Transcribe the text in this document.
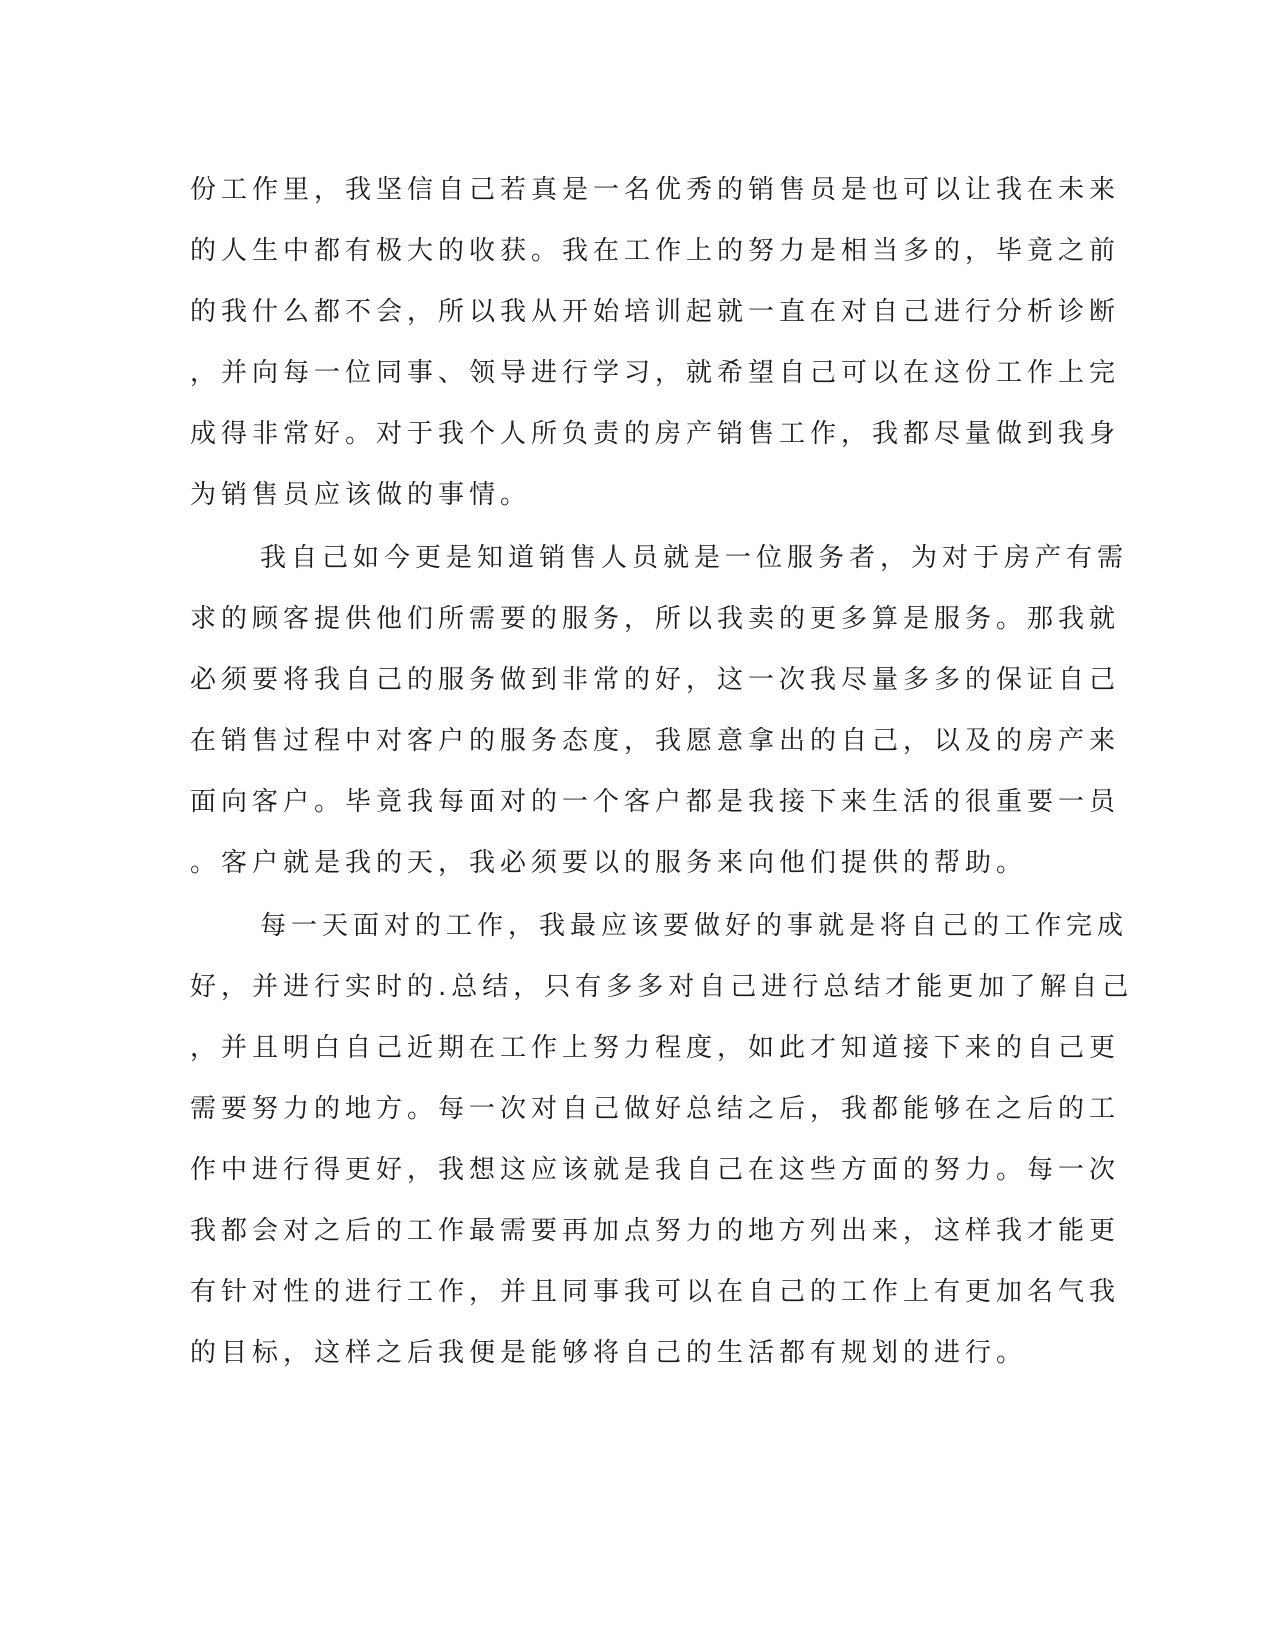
份工作里，我坚信自己若真是一名优秀的销售员是也可以让我在未来
的人生中都有极大的收获。我在工作上的努力是相当多的，毕竟之前
的我什么都不会，所以我从开始培训起就一直在对自己进行分析诊断
，并向每一位同事、领导进行学习，就希望自己可以在这份工作上完
成得非常好。对于我个人所负责的房产销售工作，我都尽量做到我身
为销售员应该做的事情。
我自己如今更是知道销售人员就是一位服务者，为对于房产有需
求的顾客提供他们所需要的服务，所以我卖的更多算是服务。那我就
必须要将我自己的服务做到非常的好，这一次我尽量多多的保证自己
在销售过程中对客户的服务态度，我愿意拿出的自己，以及的房产来
面向客户。毕竟我每面对的一个客户都是我接下来生活的很重要一员
。客户就是我的天，我必须要以的服务来向他们提供的帮助。
每一天面对的工作，我最应该要做好的事就是将自己的工作完成
好，并进行实时的.总结，只有多多对自己进行总结才能更加了解自己
，并且明白自己近期在工作上努力程度，如此才知道接下来的自己更
需要努力的地方。每一次对自己做好总结之后，我都能够在之后的工
作中进行得更好，我想这应该就是我自己在这些方面的努力。每一次
我都会对之后的工作最需要再加点努力的地方列出来，这样我才能更
有针对性的进行工作，并且同事我可以在自己的工作上有更加名气我
的目标，这样之后我便是能够将自己的生活都有规划的进行。
